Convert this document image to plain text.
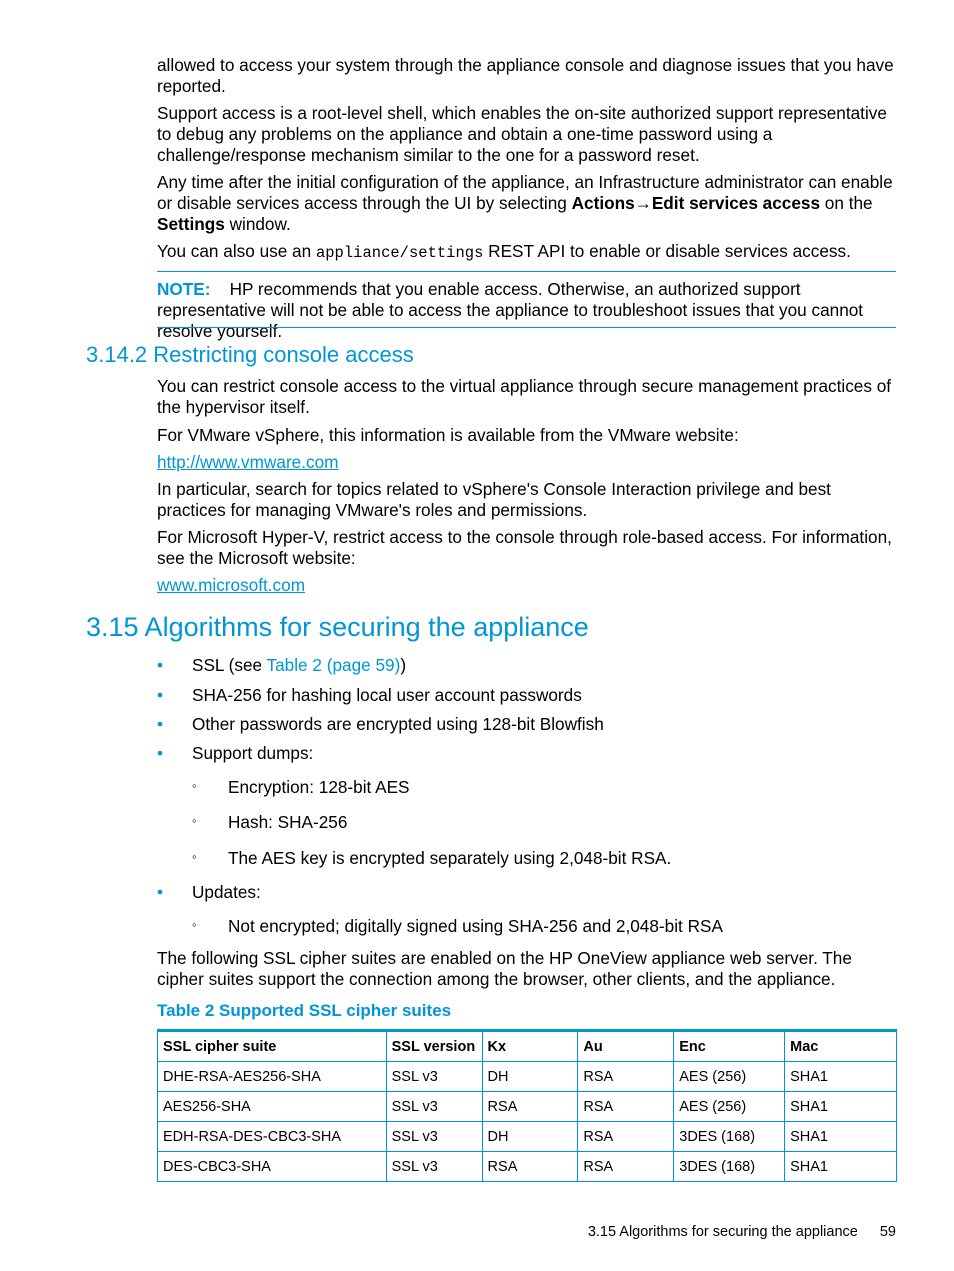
allowed to access your system through the appliance console and diagnose issues that you have reported.

Support access is a root-level shell, which enables the on-site authorized support representative to debug any problems on the appliance and obtain a one-time password using a challenge/response mechanism similar to the one for a password reset.

Any time after the initial configuration of the appliance, an Infrastructure administrator can enable or disable services access through the UI by selecting Actions→Edit services access on the Settings window.

You can also use an appliance/settings REST API to enable or disable services access.

NOTE: HP recommends that you enable access. Otherwise, an authorized support representative will not be able to access the appliance to troubleshoot issues that you cannot resolve yourself.

3.14.2 Restricting console access

You can restrict console access to the virtual appliance through secure management practices of the hypervisor itself.

For VMware vSphere, this information is available from the VMware website:

http://www.vmware.com

In particular, search for topics related to vSphere's Console Interaction privilege and best practices for managing VMware's roles and permissions.

For Microsoft Hyper-V, restrict access to the console through role-based access. For information, see the Microsoft website:

www.microsoft.com

3.15 Algorithms for securing the appliance
•	SSL (see Table 2 (page 59))
•	SHA-256 for hashing local user account passwords
•	Other passwords are encrypted using 128-bit Blowfish
•	Support dumps:
◦	Encryption: 128-bit AES
◦	Hash: SHA-256
◦	The AES key is encrypted separately using 2,048-bit RSA.
•	Updates:
◦	Not encrypted; digitally signed using SHA-256 and 2,048-bit RSA

The following SSL cipher suites are enabled on the HP OneView appliance web server. The cipher suites support the connection among the browser, other clients, and the appliance.

Table 2 Supported SSL cipher suites

SSL cipher suite	SSL version	Kx	Au	Enc	Mac
DHE-RSA-AES256-SHA	SSL v3	DH	RSA	AES (256)	SHA1
AES256-SHA	SSL v3	RSA	RSA	AES (256)	SHA1
EDH-RSA-DES-CBC3-SHA	SSL v3	DH	RSA	3DES (168)	SHA1
DES-CBC3-SHA	SSL v3	RSA	RSA	3DES (168)	SHA1
3.15 Algorithms for securing the appliance 59
